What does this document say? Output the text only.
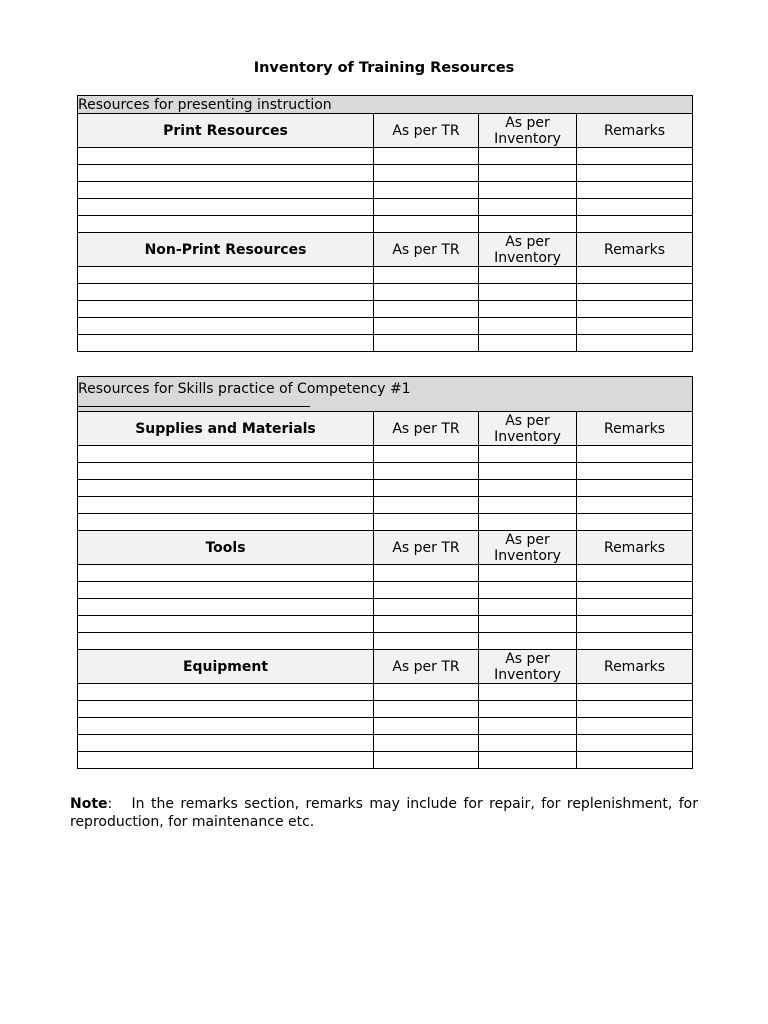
Inventory of Training Resources
Resources for presenting instruction			

Print Resources	As per TR	As per Inventory	Remarks

Non-Print Resources	As per TR	As per Inventory	Remarks

Resources for Skills practice of Competency #1			

Supplies and Materials	As per TR	As per Inventory	Remarks

Tools	As per TR	As per Inventory	Remarks

Equipment	As per TR	As per Inventory	Remarks

Note:   In the remarks section, remarks may include for repair, for replenishment, for reproduction, for maintenance etc.
